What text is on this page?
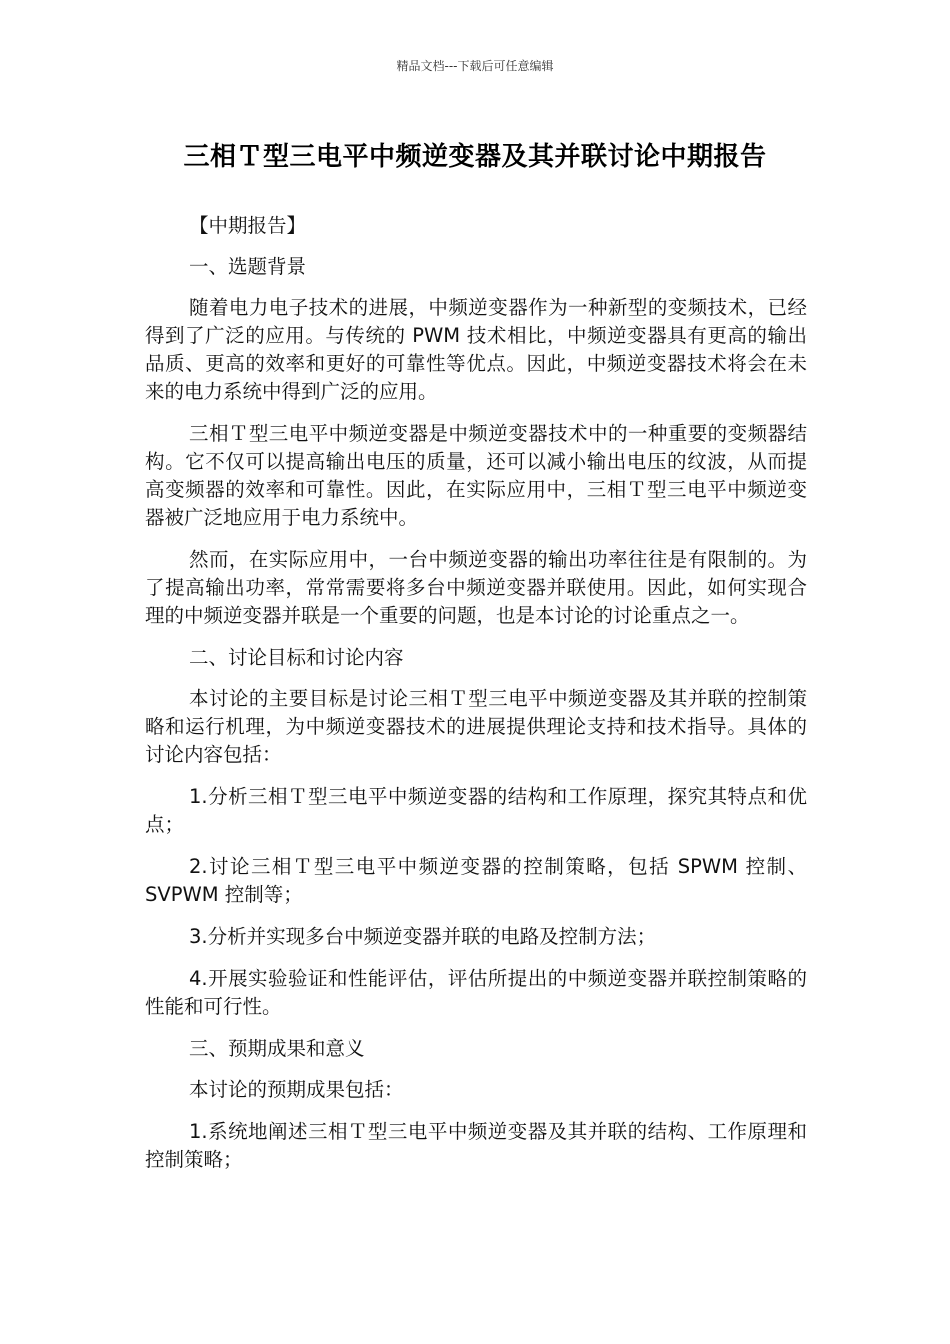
精品文档---下载后可任意编辑
三相Ｔ型三电平中频逆变器及其并联讨论中期报告

【中期报告】

一、选题背景

随着电力电子技术的进展，中频逆变器作为一种新型的变频技术，已经得到了广泛的应用。与传统的 PWM 技术相比，中频逆变器具有更高的输出品质、更高的效率和更好的可靠性等优点。因此，中频逆变器技术将会在未来的电力系统中得到广泛的应用。

三相Ｔ型三电平中频逆变器是中频逆变器技术中的一种重要的变频器结构。它不仅可以提高输出电压的质量，还可以减小输出电压的纹波，从而提高变频器的效率和可靠性。因此，在实际应用中，三相Ｔ型三电平中频逆变器被广泛地应用于电力系统中。

然而，在实际应用中，一台中频逆变器的输出功率往往是有限制的。为了提高输出功率，常常需要将多台中频逆变器并联使用。因此，如何实现合理的中频逆变器并联是一个重要的问题，也是本讨论的讨论重点之一。

二、讨论目标和讨论内容

本讨论的主要目标是讨论三相Ｔ型三电平中频逆变器及其并联的控制策略和运行机理，为中频逆变器技术的进展提供理论支持和技术指导。具体的讨论内容包括：

1.分析三相Ｔ型三电平中频逆变器的结构和工作原理，探究其特点和优点；

2.讨论三相Ｔ型三电平中频逆变器的控制策略，包括 SPWM 控制、SVPWM 控制等；

3.分析并实现多台中频逆变器并联的电路及控制方法；

4.开展实验验证和性能评估，评估所提出的中频逆变器并联控制策略的性能和可行性。

三、预期成果和意义

本讨论的预期成果包括：

1.系统地阐述三相Ｔ型三电平中频逆变器及其并联的结构、工作原理和控制策略；
